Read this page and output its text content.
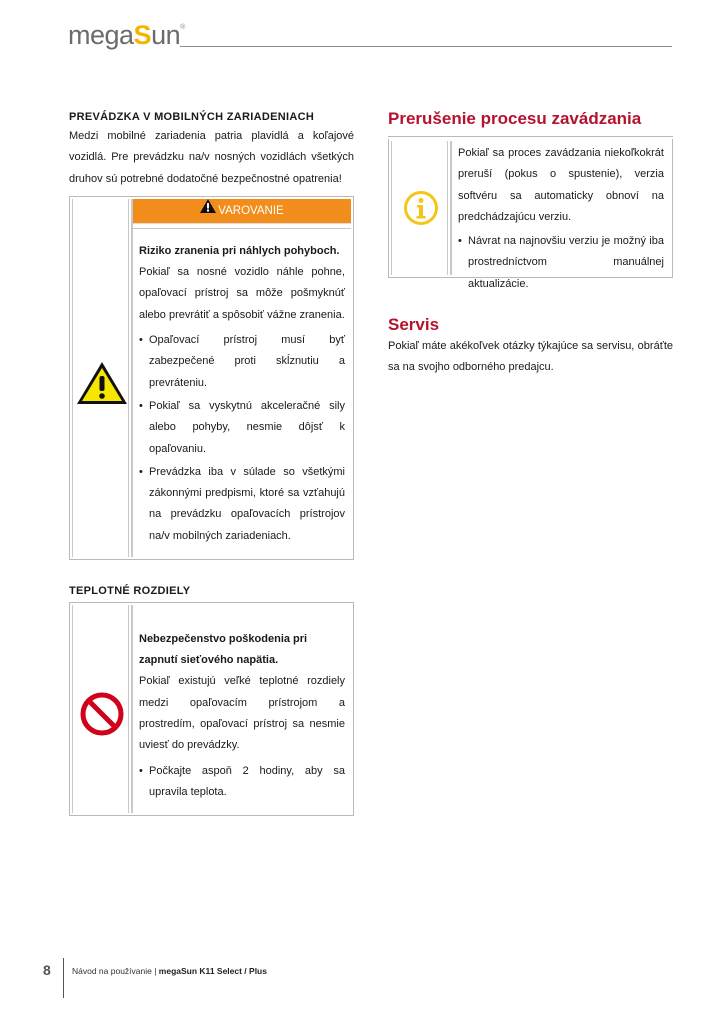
megaSun®
PREVÁDZKA V MOBILNÝCH ZARIADENIACH

Medzi mobilné zariadenia patria plavidlá a koľajové vozidlá. Pre prevádzku na/v nosných vozidlách všetkých druhov sú potrebné dodatočné bezpečnostné opatrenia!

VAROVANIE

Riziko zranenia pri náhlych pohyboch.

Pokiaľ sa nosné vozidlo náhle pohne, opaľovací prístroj sa môže pošmyknúť alebo prevrátiť a spôsobiť vážne zranenia.

• Opaľovací prístroj musí byť zabezpečené proti skĺznutiu a prevráteniu.
• Pokiaľ sa vyskytnú akceleračné sily alebo pohyby, nesmie dôjsť k opaľovaniu.
• Prevádzka iba v súlade so všetkými zákonnými predpismi, ktoré sa vzťahujú na prevádzku opaľovacích prístrojov na/v mobilných zariadeniach.
TEPLOTNÉ ROZDIELY

Nebezpečenstvo poškodenia pri zapnutí sieťového napätia.

Pokiaľ existujú veľké teplotné rozdiely medzi opaľovacím prístrojom a prostredím, opaľovací prístroj sa nesmie uviesť do prevádzky.

• Počkajte aspoň 2 hodiny, aby sa upravila teplota.
Prerušenie procesu zavádzania

Pokiaľ sa proces zavádzania niekoľkokrát preruší (pokus o spustenie), verzia softvéru sa automaticky obnoví na predchádzajúcu verziu.

• Návrat na najnovšiu verziu je možný iba prostredníctvom manuálnej aktualizácie.
Servis

Pokiaľ máte akékoľvek otázky týkajúce sa servisu, obráťte sa na svojho odborného predajcu.

8 Návod na používanie | megaSun K11 Select / Plus
